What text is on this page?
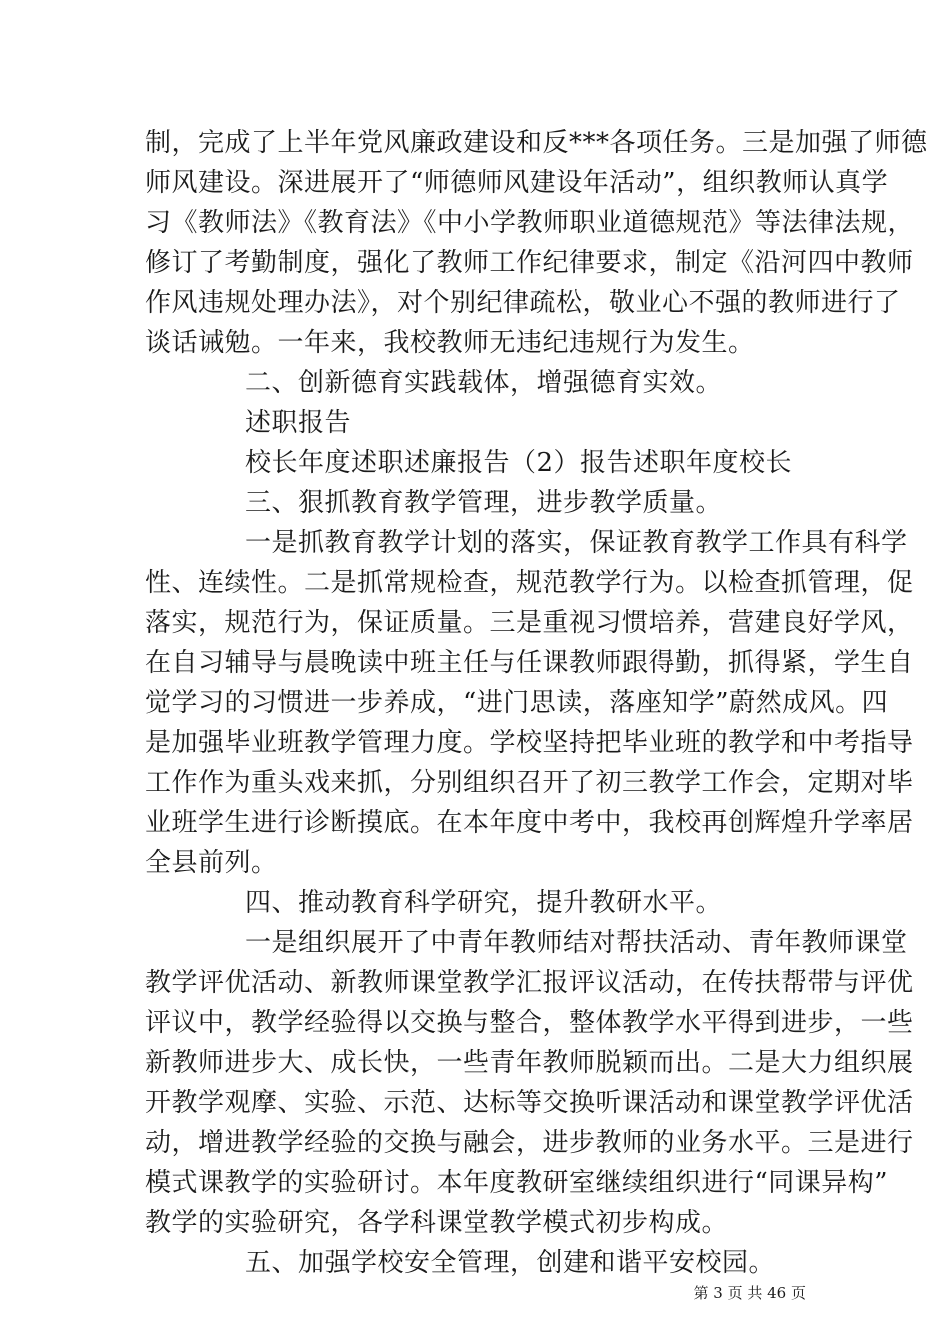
制，完成了上半年党风廉政建设和反***各项任务。三是加强了师德
师风建设。深进展开了“师德师风建设年活动”，组织教师认真学
习《教师法》《教育法》《中小学教师职业道德规范》等法律法规，
修订了考勤制度，强化了教师工作纪律要求，制定《沿河四中教师
作风违规处理办法》，对个别纪律疏松，敬业心不强的教师进行了
谈话诫勉。一年来，我校教师无违纪违规行为发生。
二、创新德育实践载体，增强德育实效。
述职报告
校长年度述职述廉报告（2）报告述职年度校长
三、狠抓教育教学管理，进步教学质量。
一是抓教育教学计划的落实，保证教育教学工作具有科学
性、连续性。二是抓常规检查，规范教学行为。以检查抓管理，促
落实，规范行为，保证质量。三是重视习惯培养，营建良好学风，
在自习辅导与晨晚读中班主任与任课教师跟得勤，抓得紧，学生自
觉学习的习惯进一步养成，“进门思读，落座知学”蔚然成风。四
是加强毕业班教学管理力度。学校坚持把毕业班的教学和中考指导
工作作为重头戏来抓，分别组织召开了初三教学工作会，定期对毕
业班学生进行诊断摸底。在本年度中考中，我校再创辉煌升学率居
全县前列。
四、推动教育科学研究，提升教研水平。
一是组织展开了中青年教师结对帮扶活动、青年教师课堂
教学评优活动、新教师课堂教学汇报评议活动，在传扶帮带与评优
评议中，教学经验得以交换与整合，整体教学水平得到进步，一些
新教师进步大、成长快，一些青年教师脱颖而出。二是大力组织展
开教学观摩、实验、示范、达标等交换听课活动和课堂教学评优活
动，增进教学经验的交换与融会，进步教师的业务水平。三是进行
模式课教学的实验研讨。本年度教研室继续组织进行“同课异构”
教学的实验研究，各学科课堂教学模式初步构成。
五、加强学校安全管理，创建和谐平安校园。
第 3 页 共 46 页
